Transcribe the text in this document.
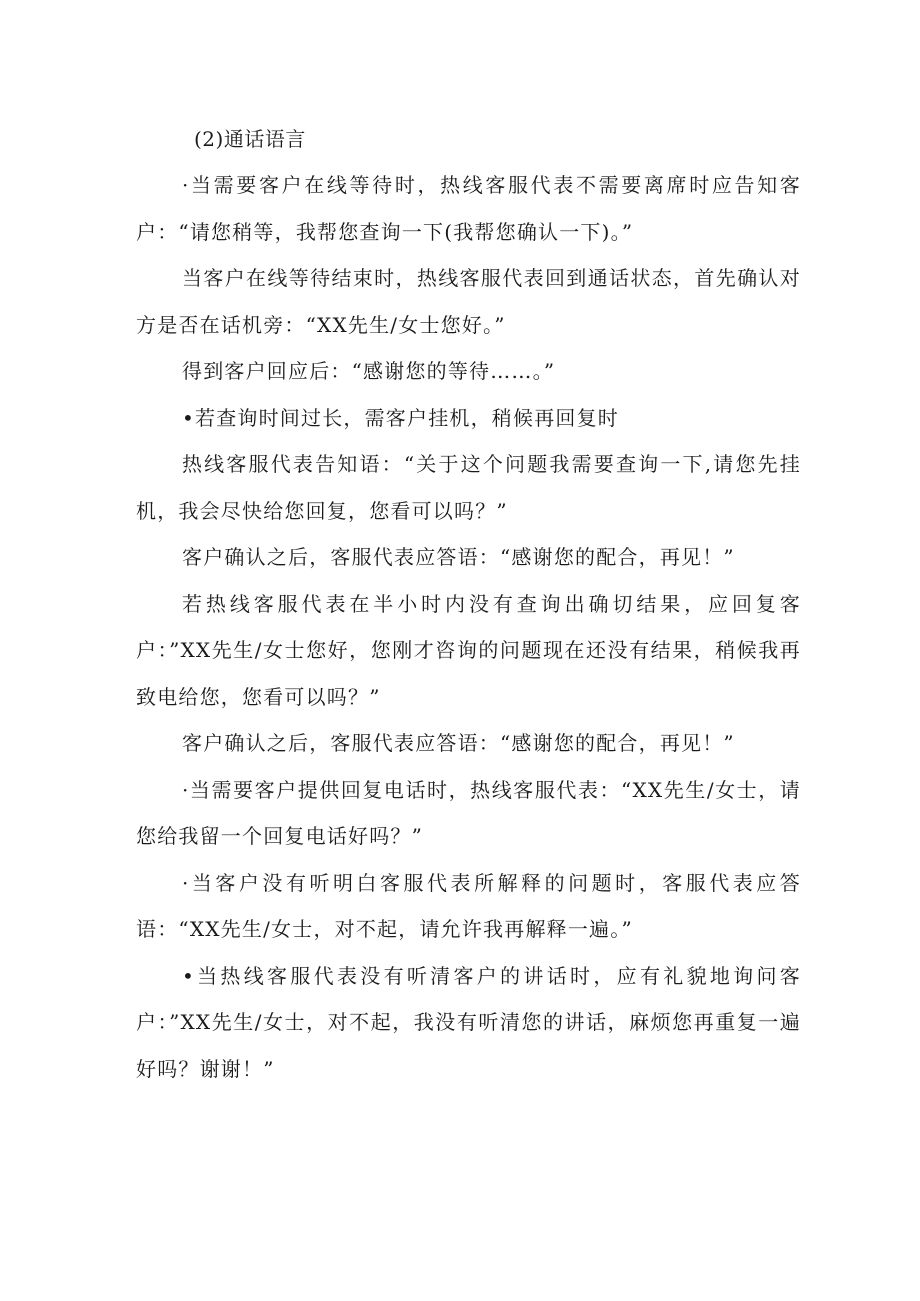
(2)通话语言

·当需要客户在线等待时，热线客服代表不需要离席时应告知客户：“请您稍等，我帮您查询一下(我帮您确认一下)。”

当客户在线等待结束时，热线客服代表回到通话状态，首先确认对方是否在话机旁：“XX先生/女士您好。”

得到客户回应后：“感谢您的等待……。”

•若查询时间过长，需客户挂机，稍候再回复时

热线客服代表告知语：“关于这个问题我需要查询一下,请您先挂机，我会尽快给您回复，您看可以吗？”

客户确认之后，客服代表应答语：“感谢您的配合，再见！”

若热线客服代表在半小时内没有查询出确切结果，应回复客户：”XX先生/女士您好，您刚才咨询的问题现在还没有结果，稍候我再致电给您，您看可以吗？”

客户确认之后，客服代表应答语：“感谢您的配合，再见！”

·当需要客户提供回复电话时，热线客服代表：“XX先生/女士，请您给我留一个回复电话好吗？”

·当客户没有听明白客服代表所解释的问题时，客服代表应答语：“XX先生/女士，对不起，请允许我再解释一遍。”

•当热线客服代表没有听清客户的讲话时，应有礼貌地询问客户：”XX先生/女士，对不起，我没有听清您的讲话，麻烦您再重复一遍好吗？谢谢！”
